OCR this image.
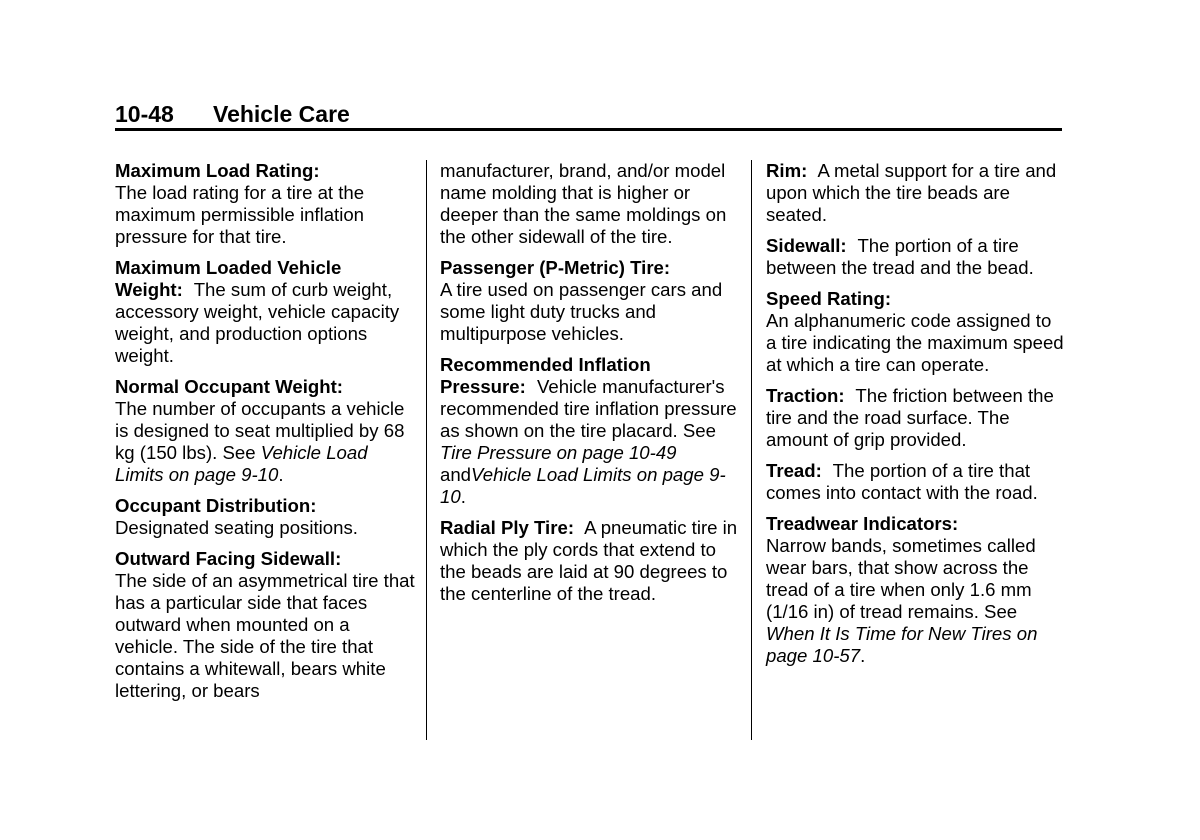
10-48 Vehicle Care

Maximum Load Rating:
The load rating for a tire at the maximum permissible inflation pressure for that tire.

Maximum Loaded Vehicle Weight: The sum of curb weight, accessory weight, vehicle capacity weight, and production options weight.

Normal Occupant Weight:
The number of occupants a vehicle is designed to seat multiplied by 68 kg (150 lbs). See Vehicle Load Limits on page 9-10.

Occupant Distribution:
Designated seating positions.

Outward Facing Sidewall:
The side of an asymmetrical tire that has a particular side that faces outward when mounted on a vehicle. The side of the tire that contains a whitewall, bears white lettering, or bears

manufacturer, brand, and/or model name molding that is higher or deeper than the same moldings on the other sidewall of the tire.

Passenger (P-Metric) Tire:
A tire used on passenger cars and some light duty trucks and multipurpose vehicles.

Recommended Inflation Pressure: Vehicle manufacturer's recommended tire inflation pressure as shown on the tire placard. See Tire Pressure on page 10-49
andVehicle Load Limits on page 9-10.

Radial Ply Tire: A pneumatic tire in which the ply cords that extend to the beads are laid at 90 degrees to the centerline of the tread.

Rim: A metal support for a tire and upon which the tire beads are seated.

Sidewall: The portion of a tire between the tread and the bead.

Speed Rating:
An alphanumeric code assigned to a tire indicating the maximum speed at which a tire can operate.

Traction: The friction between the tire and the road surface. The amount of grip provided.

Tread: The portion of a tire that comes into contact with the road.

Treadwear Indicators:
Narrow bands, sometimes called wear bars, that show across the tread of a tire when only 1.6 mm (1/16 in) of tread remains. See When It Is Time for New Tires on page 10-57.
